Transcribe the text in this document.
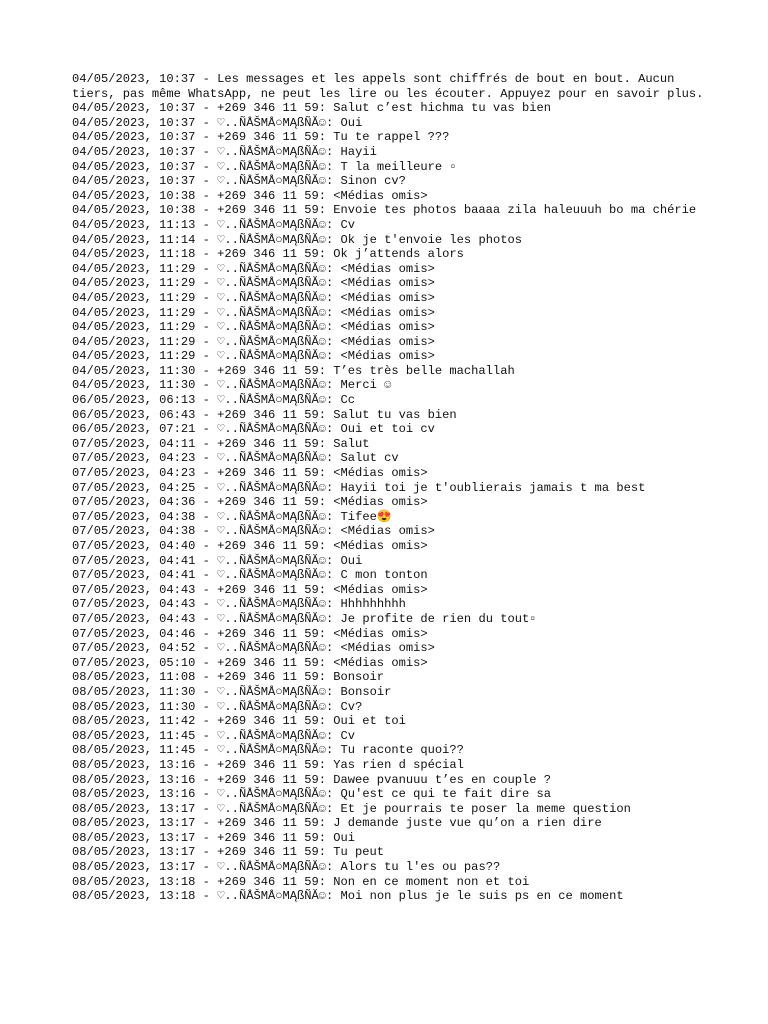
04/05/2023, 10:37 - Les messages et les appels sont chiffrés de bout en bout. Aucun tiers, pas même WhatsApp, ne peut les lire ou les écouter. Appuyez pour en savoir plus.
04/05/2023, 10:37 - +269 346 11 59: Salut c’est hichma tu vas bien
04/05/2023, 10:37 - ♡..ÑÅŠMÅ○MĄßÑĂ☺: Oui
04/05/2023, 10:37 - +269 346 11 59: Tu te rappel ???
04/05/2023, 10:37 - ♡..ÑÅŠMÅ○MĄßÑĂ☺: Hayii
04/05/2023, 10:37 - ♡..ÑÅŠMÅ○MĄßÑĂ☺: T la meilleure ▫
04/05/2023, 10:37 - ♡..ÑÅŠMÅ○MĄßÑĂ☺: Sinon cv?
04/05/2023, 10:38 - +269 346 11 59: <Médias omis>
04/05/2023, 10:38 - +269 346 11 59: Envoie tes photos baaaa zila haleuuuh bo ma chérie
04/05/2023, 11:13 - ♡..ÑÅŠMÅ○MĄßÑĂ☺: Cv
04/05/2023, 11:14 - ♡..ÑÅŠMÅ○MĄßÑĂ☺: Ok je t'envoie les photos
04/05/2023, 11:18 - +269 346 11 59: Ok j’attends alors
04/05/2023, 11:29 - ♡..ÑÅŠMÅ○MĄßÑĂ☺: <Médias omis>
04/05/2023, 11:29 - ♡..ÑÅŠMÅ○MĄßÑĂ☺: <Médias omis>
04/05/2023, 11:29 - ♡..ÑÅŠMÅ○MĄßÑĂ☺: <Médias omis>
04/05/2023, 11:29 - ♡..ÑÅŠMÅ○MĄßÑĂ☺: <Médias omis>
04/05/2023, 11:29 - ♡..ÑÅŠMÅ○MĄßÑĂ☺: <Médias omis>
04/05/2023, 11:29 - ♡..ÑÅŠMÅ○MĄßÑĂ☺: <Médias omis>
04/05/2023, 11:29 - ♡..ÑÅŠMÅ○MĄßÑĂ☺: <Médias omis>
04/05/2023, 11:30 - +269 346 11 59: T’es très belle machallah
04/05/2023, 11:30 - ♡..ÑÅŠMÅ○MĄßÑĂ☺: Merci ☺
06/05/2023, 06:13 - ♡..ÑÅŠMÅ○MĄßÑĂ☺: Cc
06/05/2023, 06:43 - +269 346 11 59: Salut tu vas bien
06/05/2023, 07:21 - ♡..ÑÅŠMÅ○MĄßÑĂ☺: Oui et toi cv
07/05/2023, 04:11 - +269 346 11 59: Salut
07/05/2023, 04:23 - ♡..ÑÅŠMÅ○MĄßÑĂ☺: Salut cv
07/05/2023, 04:23 - +269 346 11 59: <Médias omis>
07/05/2023, 04:25 - ♡..ÑÅŠMÅ○MĄßÑĂ☺: Hayii toi je t'oublierais jamais t ma best
07/05/2023, 04:36 - +269 346 11 59: <Médias omis>
07/05/2023, 04:38 - ♡..ÑÅŠMÅ○MĄßÑĂ☺: Tifee😍
07/05/2023, 04:38 - ♡..ÑÅŠMÅ○MĄßÑĂ☺: <Médias omis>
07/05/2023, 04:40 - +269 346 11 59: <Médias omis>
07/05/2023, 04:41 - ♡..ÑÅŠMÅ○MĄßÑĂ☺: Oui
07/05/2023, 04:41 - ♡..ÑÅŠMÅ○MĄßÑĂ☺: C mon tonton
07/05/2023, 04:43 - +269 346 11 59: <Médias omis>
07/05/2023, 04:43 - ♡..ÑÅŠMÅ○MĄßÑĂ☺: Hhhhhhhhh
07/05/2023, 04:43 - ♡..ÑÅŠMÅ○MĄßÑĂ☺: Je profite de rien du tout▫
07/05/2023, 04:46 - +269 346 11 59: <Médias omis>
07/05/2023, 04:52 - ♡..ÑÅŠMÅ○MĄßÑĂ☺: <Médias omis>
07/05/2023, 05:10 - +269 346 11 59: <Médias omis>
08/05/2023, 11:08 - +269 346 11 59: Bonsoir
08/05/2023, 11:30 - ♡..ÑÅŠMÅ○MĄßÑĂ☺: Bonsoir
08/05/2023, 11:30 - ♡..ÑÅŠMÅ○MĄßÑĂ☺: Cv?
08/05/2023, 11:42 - +269 346 11 59: Oui et toi
08/05/2023, 11:45 - ♡..ÑÅŠMÅ○MĄßÑĂ☺: Cv
08/05/2023, 11:45 - ♡..ÑÅŠMÅ○MĄßÑĂ☺: Tu raconte quoi??
08/05/2023, 13:16 - +269 346 11 59: Yas rien d spécial
08/05/2023, 13:16 - +269 346 11 59: Dawee pvanuuu t’es en couple ?
08/05/2023, 13:16 - ♡..ÑÅŠMÅ○MĄßÑĂ☺: Qu'est ce qui te fait dire sa
08/05/2023, 13:17 - ♡..ÑÅŠMÅ○MĄßÑĂ☺: Et je pourrais te poser la meme question
08/05/2023, 13:17 - +269 346 11 59: J demande juste vue qu’on a rien dire
08/05/2023, 13:17 - +269 346 11 59: Oui
08/05/2023, 13:17 - +269 346 11 59: Tu peut
08/05/2023, 13:17 - ♡..ÑÅŠMÅ○MĄßÑĂ☺: Alors tu l'es ou pas??
08/05/2023, 13:18 - +269 346 11 59: Non en ce moment non et toi
08/05/2023, 13:18 - ♡..ÑÅŠMÅ○MĄßÑĂ☺: Moi non plus je le suis ps en ce moment
